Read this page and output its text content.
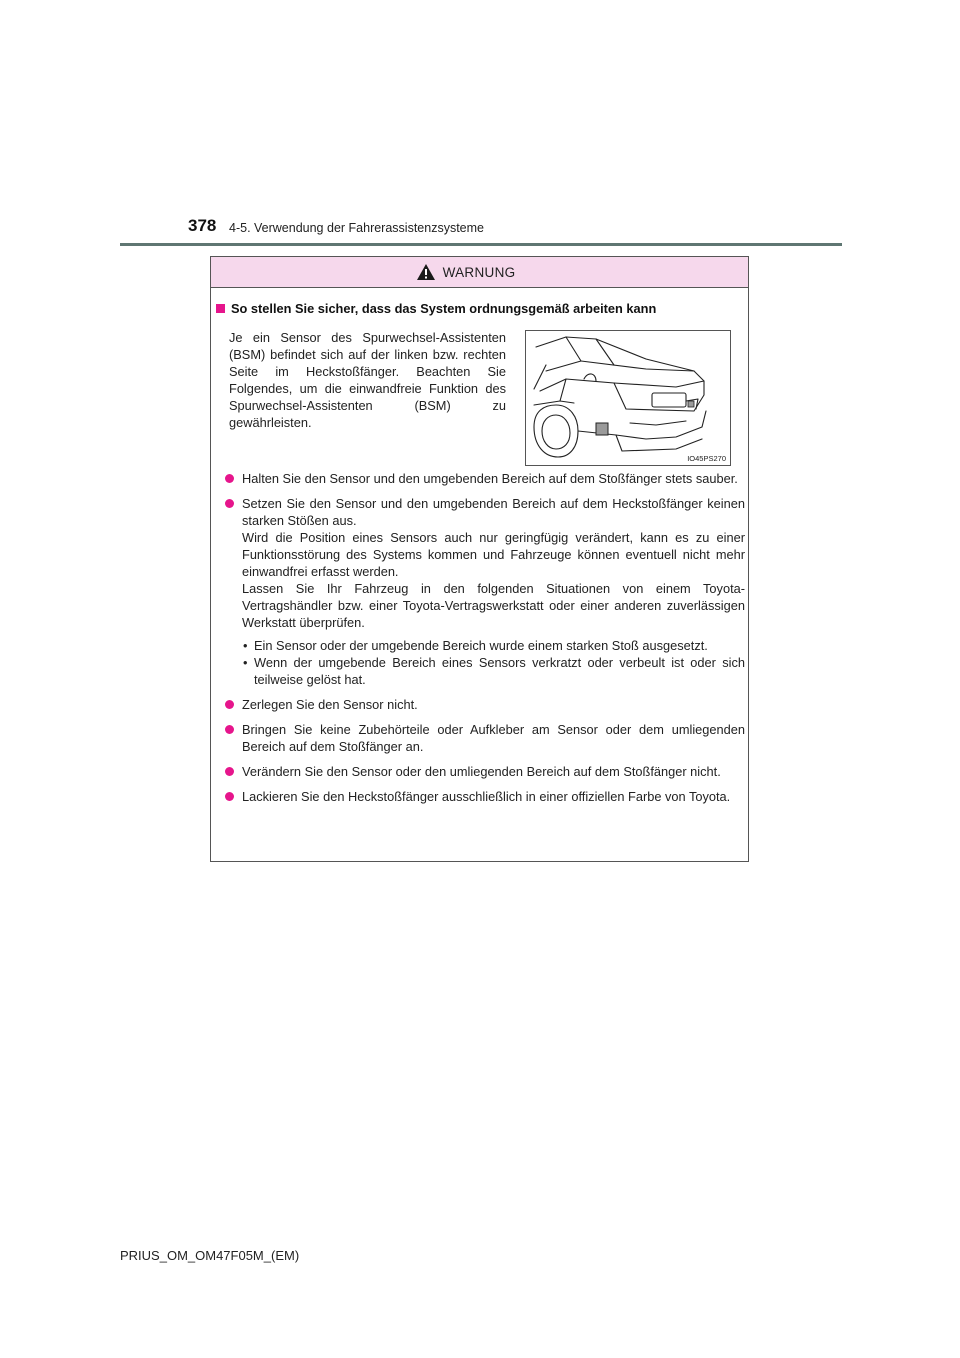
378 4-5. Verwendung der Fahrerassistenzsysteme
WARNUNG
So stellen Sie sicher, dass das System ordnungsgemäß arbeiten kann
Je ein Sensor des Spurwechsel-Assistenten (BSM) befindet sich auf der linken bzw. rechten Seite im Heckstoßfänger. Beachten Sie Folgendes, um die einwandfreie Funktion des Spurwechsel-Assistenten (BSM) zu gewährleisten.
IO45PS270
Halten Sie den Sensor und den umgebenden Bereich auf dem Stoßfänger stets sauber.
Setzen Sie den Sensor und den umgebenden Bereich auf dem Heckstoßfänger keinen starken Stößen aus.
Wird die Position eines Sensors auch nur geringfügig verändert, kann es zu einer Funktionsstörung des Systems kommen und Fahrzeuge können eventuell nicht mehr einwandfrei erfasst werden.
Lassen Sie Ihr Fahrzeug in den folgenden Situationen von einem Toyota-Vertragshändler bzw. einer Toyota-Vertragswerkstatt oder einer anderen zuverlässigen Werkstatt überprüfen.
• Ein Sensor oder der umgebende Bereich wurde einem starken Stoß ausgesetzt.
• Wenn der umgebende Bereich eines Sensors verkratzt oder verbeult ist oder sich teilweise gelöst hat.
Zerlegen Sie den Sensor nicht.
Bringen Sie keine Zubehörteile oder Aufkleber am Sensor oder dem umliegenden Bereich auf dem Stoßfänger an.
Verändern Sie den Sensor oder den umliegenden Bereich auf dem Stoßfänger nicht.
Lackieren Sie den Heckstoßfänger ausschließlich in einer offiziellen Farbe von Toyota.
PRIUS_OM_OM47F05M_(EM)
